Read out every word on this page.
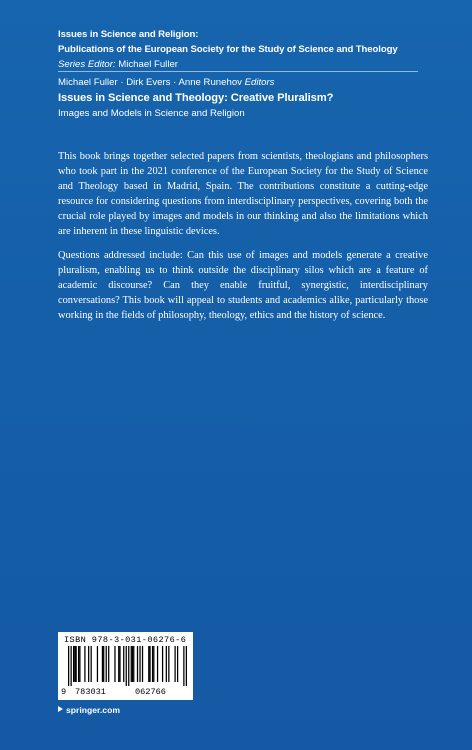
Issues in Science and Religion:
Publications of the European Society for the Study of Science and Theology
Series Editor: Michael Fuller
Michael Fuller · Dirk Evers · Anne Runehov Editors
Issues in Science and Theology: Creative Pluralism?
Images and Models in Science and Religion

This book brings together selected papers from scientists, theologians and philosophers who took part in the 2021 conference of the European Society for the Study of Science and Theology based in Madrid, Spain. The contributions constitute a cutting-edge resource for considering questions from interdisciplinary perspectives, covering both the crucial role played by images and models in our thinking and also the limitations which are inherent in these linguistic devices.

Questions addressed include: Can this use of images and models generate a creative pluralism, enabling us to think outside the disciplinary silos which are a feature of academic discourse? Can they enable fruitful, synergistic, interdisciplinary conversations? This book will appeal to students and academics alike, particularly those working in the fields of philosophy, theology, ethics and the history of science.

ISBN 978-3-031-06276-6
9 783031	062766
springer.com
